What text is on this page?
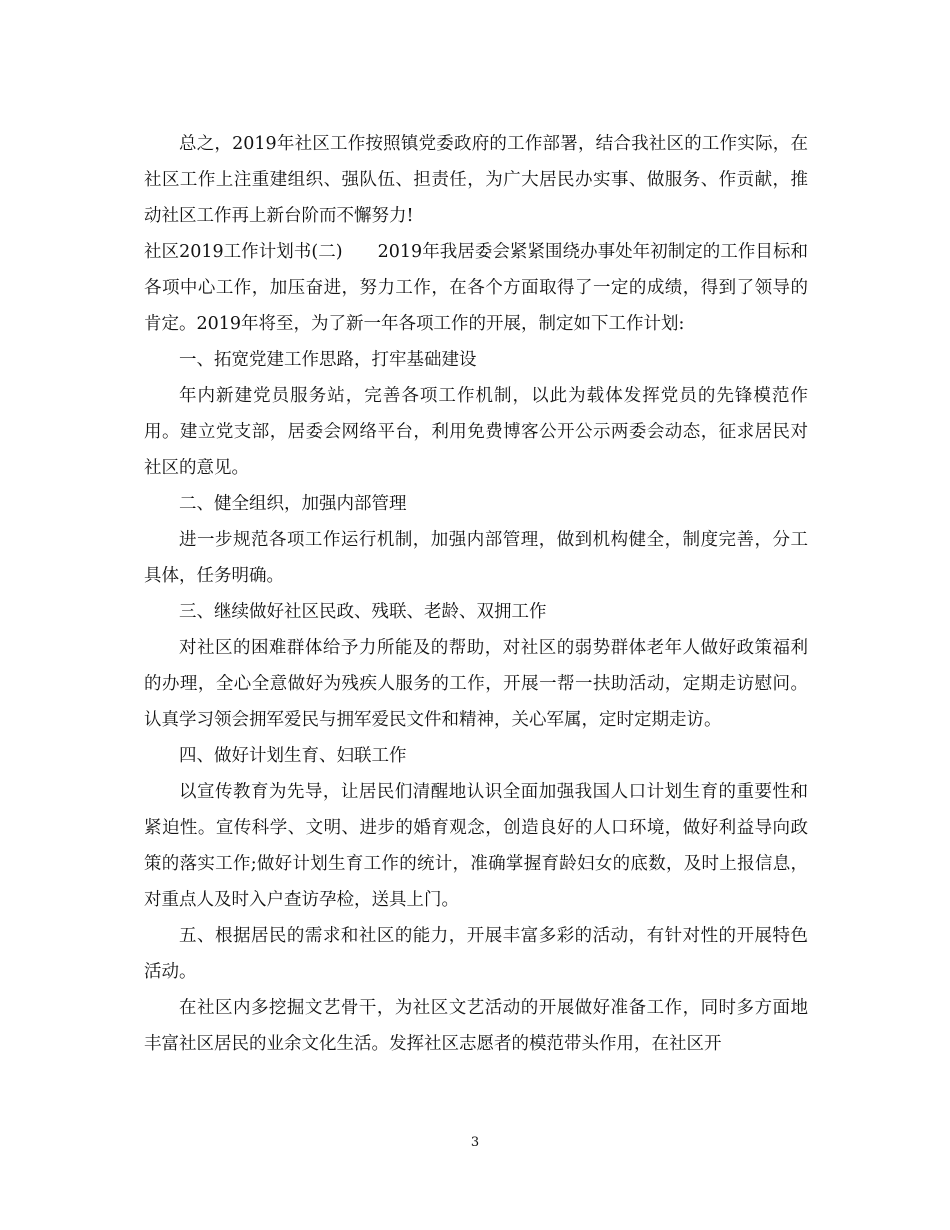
总之，2019年社区工作按照镇党委政府的工作部署，结合我社区的工作实际，在社区工作上注重建组织、强队伍、担责任，为广大居民办实事、做服务、作贡献，推动社区工作再上新台阶而不懈努力!

社区2019工作计划书(二)　　2019年我居委会紧紧围绕办事处年初制定的工作目标和各项中心工作，加压奋进，努力工作，在各个方面取得了一定的成绩，得到了领导的肯定。2019年将至，为了新一年各项工作的开展，制定如下工作计划:

一、拓宽党建工作思路，打牢基础建设

年内新建党员服务站，完善各项工作机制，以此为载体发挥党员的先锋模范作用。建立党支部，居委会网络平台，利用免费博客公开公示两委会动态，征求居民对社区的意见。

二、健全组织，加强内部管理

进一步规范各项工作运行机制，加强内部管理，做到机构健全，制度完善，分工具体，任务明确。

三、继续做好社区民政、残联、老龄、双拥工作

对社区的困难群体给予力所能及的帮助，对社区的弱势群体老年人做好政策福利的办理，全心全意做好为残疾人服务的工作，开展一帮一扶助活动，定期走访慰问。认真学习领会拥军爱民与拥军爱民文件和精神，关心军属，定时定期走访。

四、做好计划生育、妇联工作

以宣传教育为先导，让居民们清醒地认识全面加强我国人口计划生育的重要性和紧迫性。宣传科学、文明、进步的婚育观念，创造良好的人口环境，做好利益导向政策的落实工作;做好计划生育工作的统计，准确掌握育龄妇女的底数，及时上报信息，对重点人及时入户查访孕检，送具上门。

五、根据居民的需求和社区的能力，开展丰富多彩的活动，有针对性的开展特色活动。

在社区内多挖掘文艺骨干，为社区文艺活动的开展做好准备工作，同时多方面地丰富社区居民的业余文化生活。发挥社区志愿者的模范带头作用，在社区开

3
